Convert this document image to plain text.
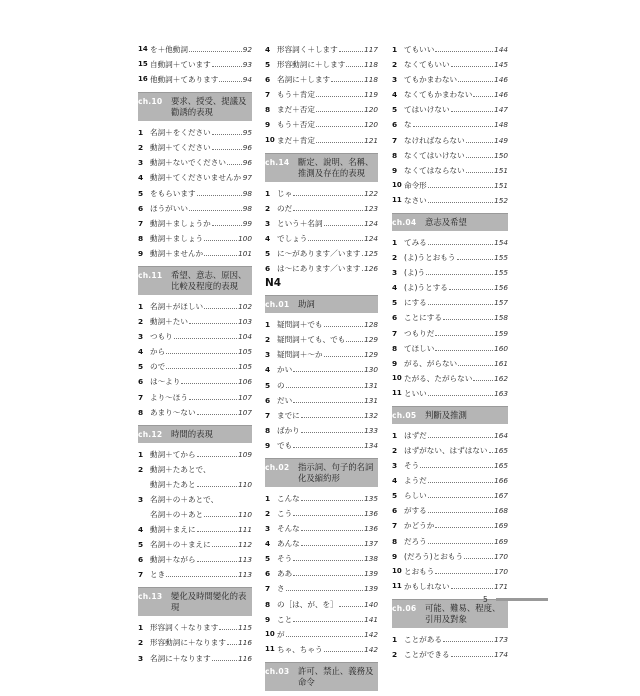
14 を＋他動詞	92
15 自動詞＋ています	93
16 他動詞＋てあります	94
ch.10	要求、授受、提議及勸誘的表現
1 名詞＋をください	95
2 動詞＋てください	96
3 動詞＋ないでください 96
4 動詞＋てくださいませんか 97
5 をもらいます	98
6 ほうがいい	98
7 動詞＋ましょうか	99
8 動詞＋ましょう	100
9 動詞＋ませんか	101
ch.11	希望、意志、原因、比較及程度的表現
1 名詞＋がほしい	102
2 動詞＋たい	103
3 つもり	104
4 から	105
5 ので	105
6 は～より	106
7 より～ほう	107
8 あまり～ない	107
ch.12	時間的表現
1 動詞＋てから	109
2 動詞＋たあとで、
動詞＋たあと	110
3 名詞＋の＋あとで、
名詞＋の＋あと	110
4 動詞＋まえに	111
5 名詞＋の＋まえに	112
6 動詞＋ながら	113
7 とき	113
ch.13	變化及時間變化的表現
1 形容詞く＋なります	115
2 形容動詞に＋なります 116
3 名詞に＋なります	116
4 形容詞く＋します	117
5 形容動詞に＋します	118
6 名詞に＋します	118
7 もう＋肯定	119
8 まだ＋否定	120
9 もう＋否定	120
10 まだ＋肯定	121
ch.14	斷定、說明、名稱、推測及存在的表現
1 じゃ	122
2 のだ	123
3 という＋名詞	124
4 でしょう	124
5 に～があります／います 125
6 は～にあります／います 126
N4
ch.01	助詞
1 疑問詞＋でも	128
2 疑問詞＋ても、でも	129
3 疑問詞＋～か	129
4 かい	130
5 の	131
6 だい	131
7 までに	132
8 ばかり	133
9 でも	134
ch.02	指示詞、句子的名詞化及縮約形
1 こんな	135
2 こう	136
3 そんな	136
4 あんな	137
5 そう	138
6 ああ	139
7 さ	139
8 の［は、が、を］	140
9 こと	141
10 が	142
11 ちゃ、ちゃう	142
ch.03	許可、禁止、義務及命令
1 てもいい	144
2 なくてもいい	145
3 てもかまわない	146
4 なくてもかまわない	146
5 てはいけない	147
6 な	148
7 なければならない	149
8 なくてはいけない	150
9 なくてはならない	151
10 命令形	151
11 なさい	152
ch.04	意志及希望
1 てみる	154
2 (よ)うとおもう	155
3 (よ)う	155
4 (よ)うとする	156
5 にする	157
6 ことにする	158
7 つもりだ	159
8 てほしい	160
9 がる、がらない	161
10 たがる、たがらない	162
11 といい	163
ch.05	判斷及推測
1 はずだ	164
2 はずがない、はずはない 165
3 そう	165
4 ようだ	166
5 らしい	167
6 がする	168
7 かどうか	169
8 だろう	169
9 (だろう)とおもう	170
10 とおもう	170
11 かもしれない	171
ch.06	可能、難易、程度、引用及對象
1 ことがある	173
2 ことができる	174
5
